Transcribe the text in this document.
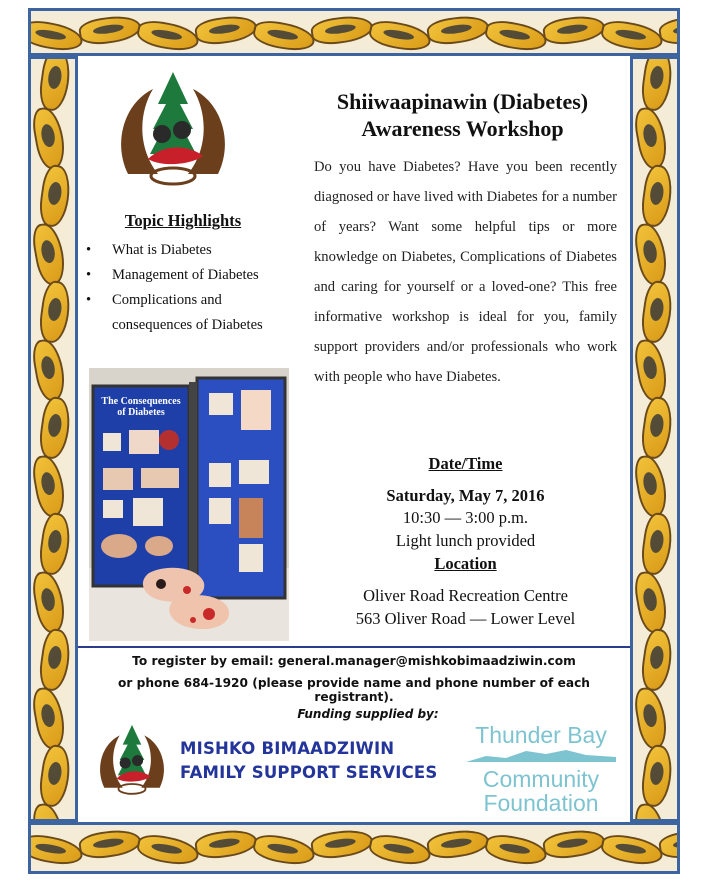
Shiiwaapinawin (Diabetes)
Awareness Workshop
Do you have Diabetes? Have you been recently diagnosed or have lived with Diabetes for a number of years? Want some helpful tips or more knowledge on Diabetes, Complications of Diabetes and caring for yourself or a loved-one? This free informative workshop is ideal for you, family support providers and/or professionals who work with people who have Diabetes.
Topic Highlights
• What is Diabetes
• Management of Diabetes
• Complications and consequences of Diabetes
The Consequences
of Diabetes
Date/Time
Saturday, May 7, 2016
10:30 — 3:00 p.m.
Light lunch provided
Location
Oliver Road Recreation Centre
563 Oliver Road — Lower Level
To register by email: general.manager@mishkobimaadziwin.com
or phone 684-1920 (please provide name and phone number of each registrant).
Funding supplied by:
MISHKO BIMAADZIWIN
FAMILY SUPPORT SERVICES
Thunder Bay
Community
Foundation
